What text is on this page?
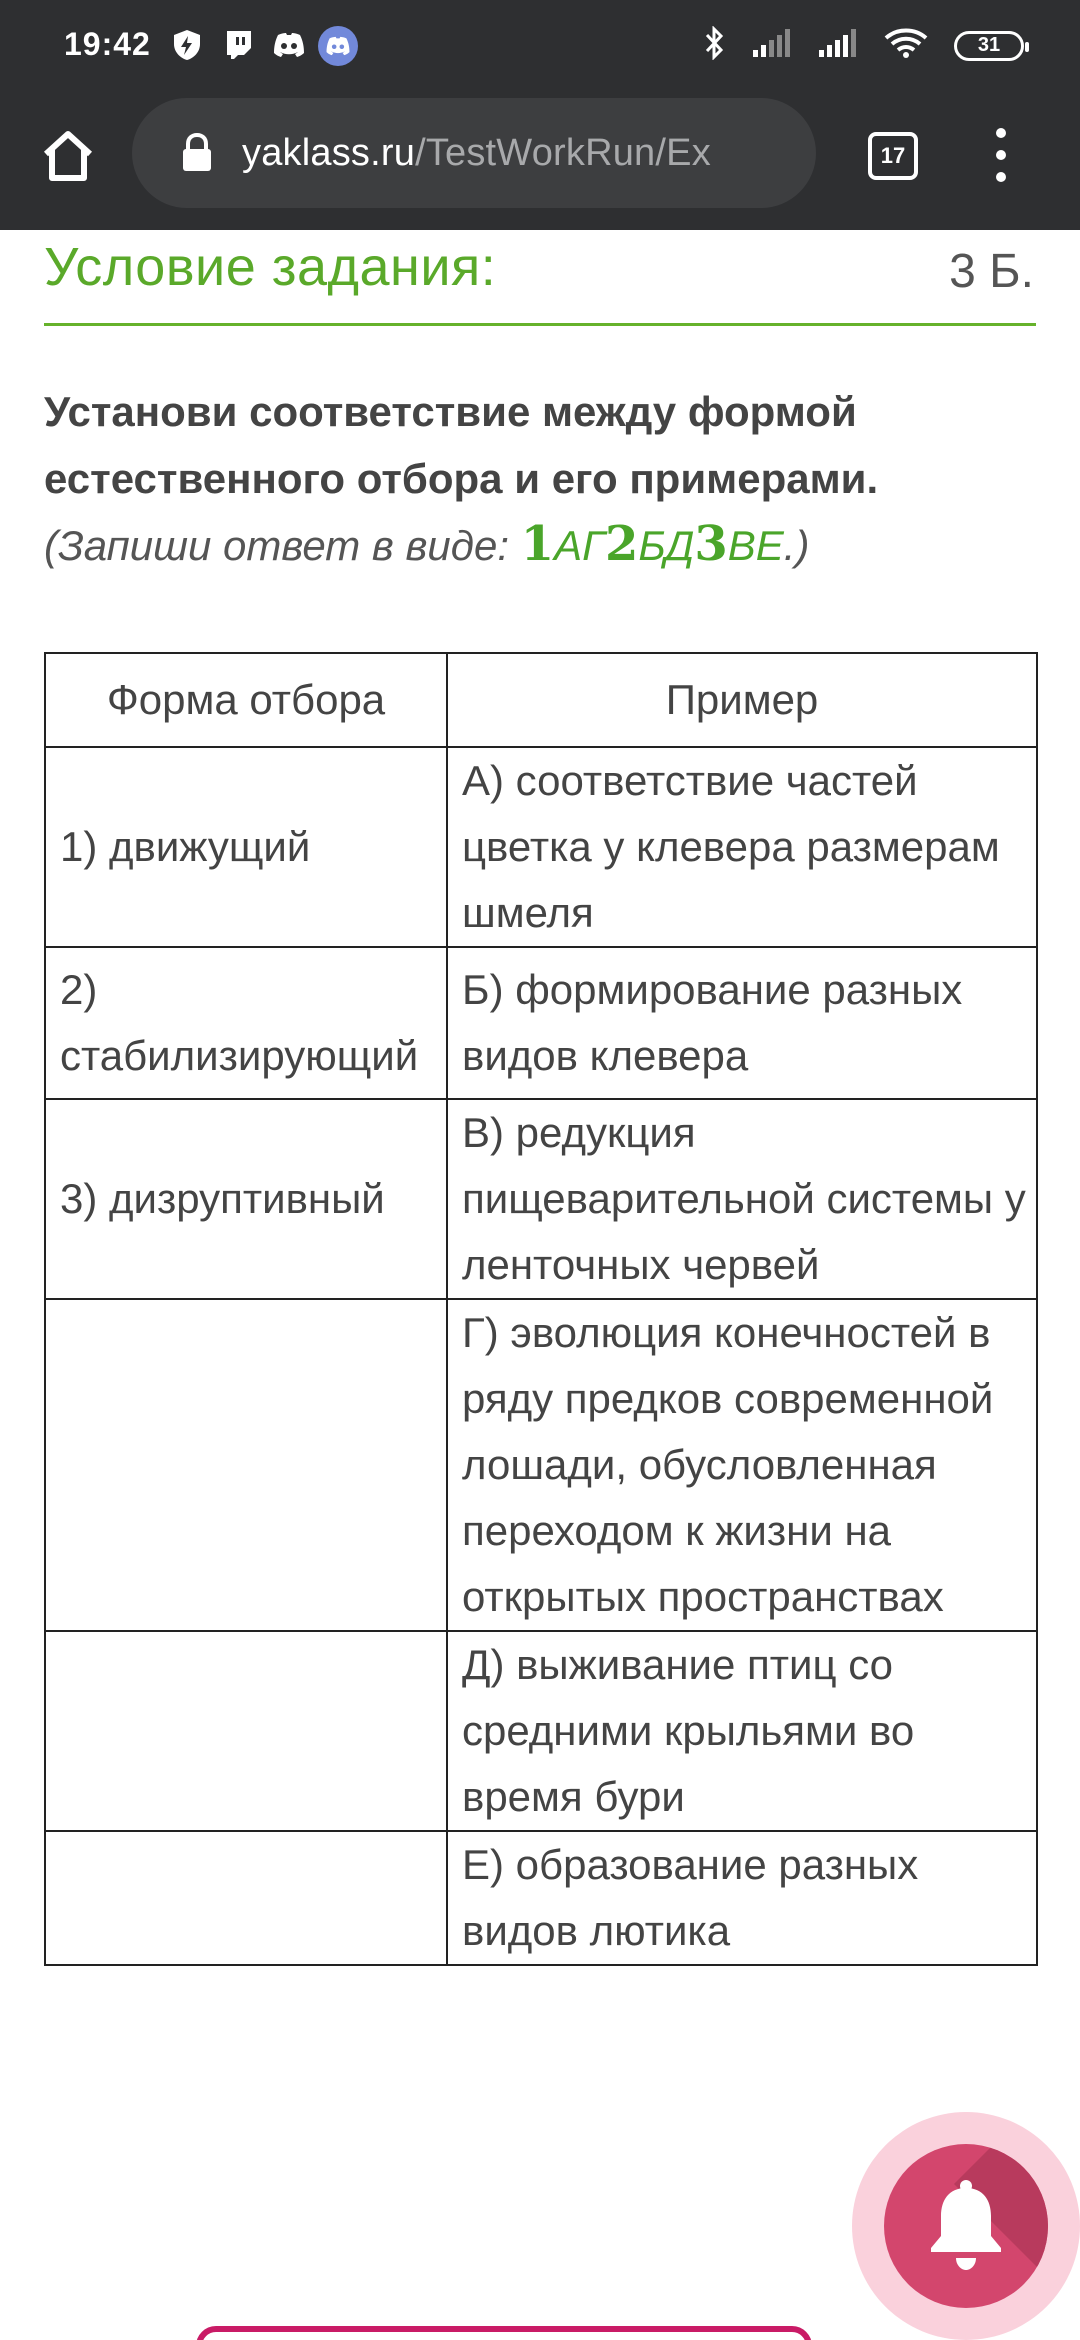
19:42	31
yaklass.ru/TestWorkRun/Ex	17
Условие задания:	3 Б.
Установи соответствие между формой
естественного отбора и его примерами.
(Запиши ответ в виде: 1АГ2БД3ВЕ.)
Форма отбора	Пример
1) движущий	А) соответствие частей цветка у клевера размерам шмеля
2) стабилизирующий	Б) формирование разных видов клевера
3) дизруптивный	В) редукция пищеварительной системы у ленточных червей
	Г) эволюция конечностей в ряду предков современной лошади, обусловленная переходом к жизни на открытых пространствах
	Д) выживание птиц со средними крыльями во время бури
	Е) образование разных видов лютика
